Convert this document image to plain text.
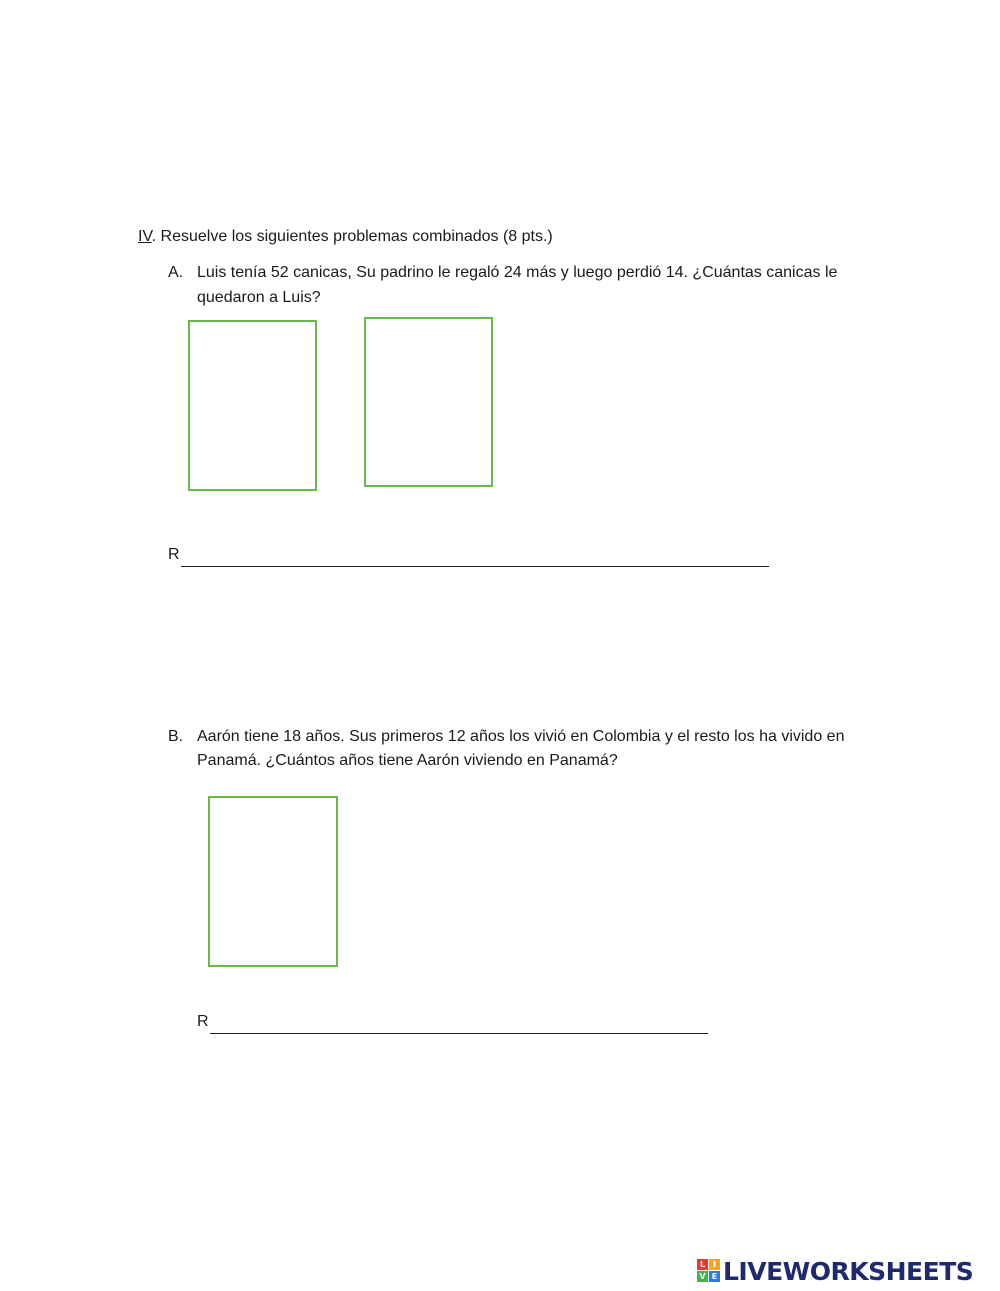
IV. Resuelve los siguientes problemas combinados (8 pts.)
A. Luis tenía 52 canicas, Su padrino le regaló 24 más y luego perdió 14. ¿Cuántas canicas le
quedaron a Luis?
R
B. Aarón tiene 18 años. Sus primeros 12 años los vivió en Colombia y el resto los ha vivido en
Panamá. ¿Cuántos años tiene Aarón viviendo en Panamá?
R
L I
V E LIVEWORKSHEETS
